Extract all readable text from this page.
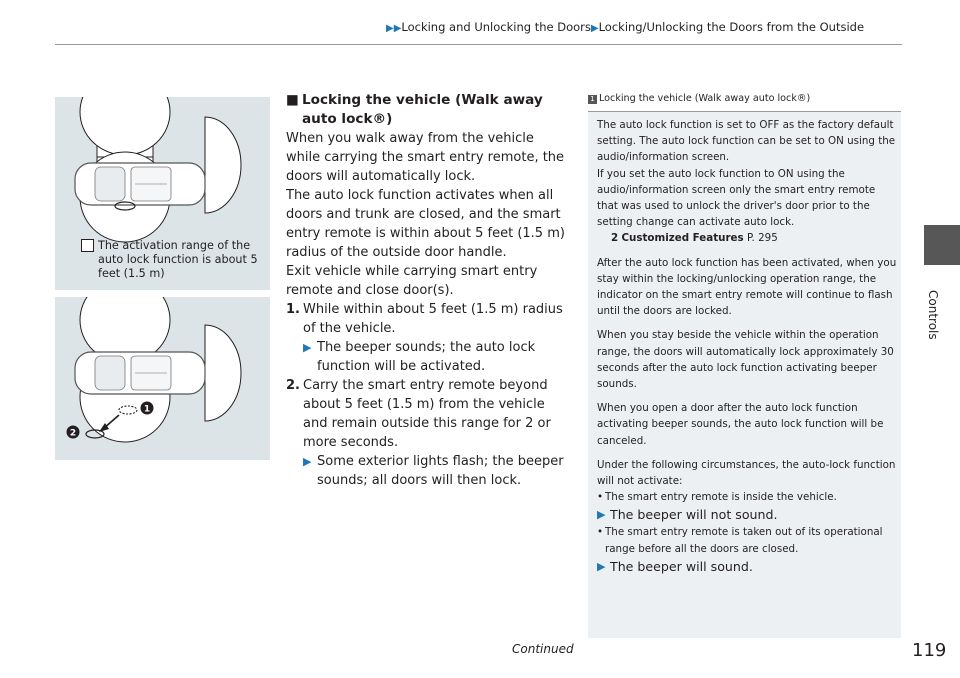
▶▶Locking and Unlocking the Doors▶Locking/Unlocking the Doors from the Outside
Controls
The activation range of the auto lock function is about 5 feet (1.5 m)
1
2
■ Locking the vehicle (Walk away auto lock®)

When you walk away from the vehicle while carrying the smart entry remote, the doors will automatically lock.

The auto lock function activates when all doors and trunk are closed, and the smart entry remote is within about 5 feet (1.5 m) radius of the outside door handle.

Exit vehicle while carrying smart entry remote and close door(s).

1. While within about 5 feet (1.5 m) radius of the vehicle.
▶ The beeper sounds; the auto lock function will be activated.
2. Carry the smart entry remote beyond about 5 feet (1.5 m) from the vehicle and remain outside this range for 2 or more seconds.
▶ Some exterior lights flash; the beeper sounds; all doors will then lock.
1 Locking the vehicle (Walk away auto lock®)

The auto lock function is set to OFF as the factory default setting. The auto lock function can be set to ON using the audio/information screen.

If you set the auto lock function to ON using the audio/information screen only the smart entry remote that was used to unlock the driver's door prior to the setting change can activate auto lock.

2 Customized Features P. 295

After the auto lock function has been activated, when you stay within the locking/unlocking operation range, the indicator on the smart entry remote will continue to flash until the doors are locked.

When you stay beside the vehicle within the operation range, the doors will automatically lock approximately 30 seconds after the auto lock function activating beeper sounds.

When you open a door after the auto lock function activating beeper sounds, the auto lock function will be canceled.

Under the following circumstances, the auto-lock function will not activate:

• The smart entry remote is inside the vehicle.
▶ The beeper will not sound.
• The smart entry remote is taken out of its operational range before all the doors are closed.
▶ The beeper will sound.
Continued	119
